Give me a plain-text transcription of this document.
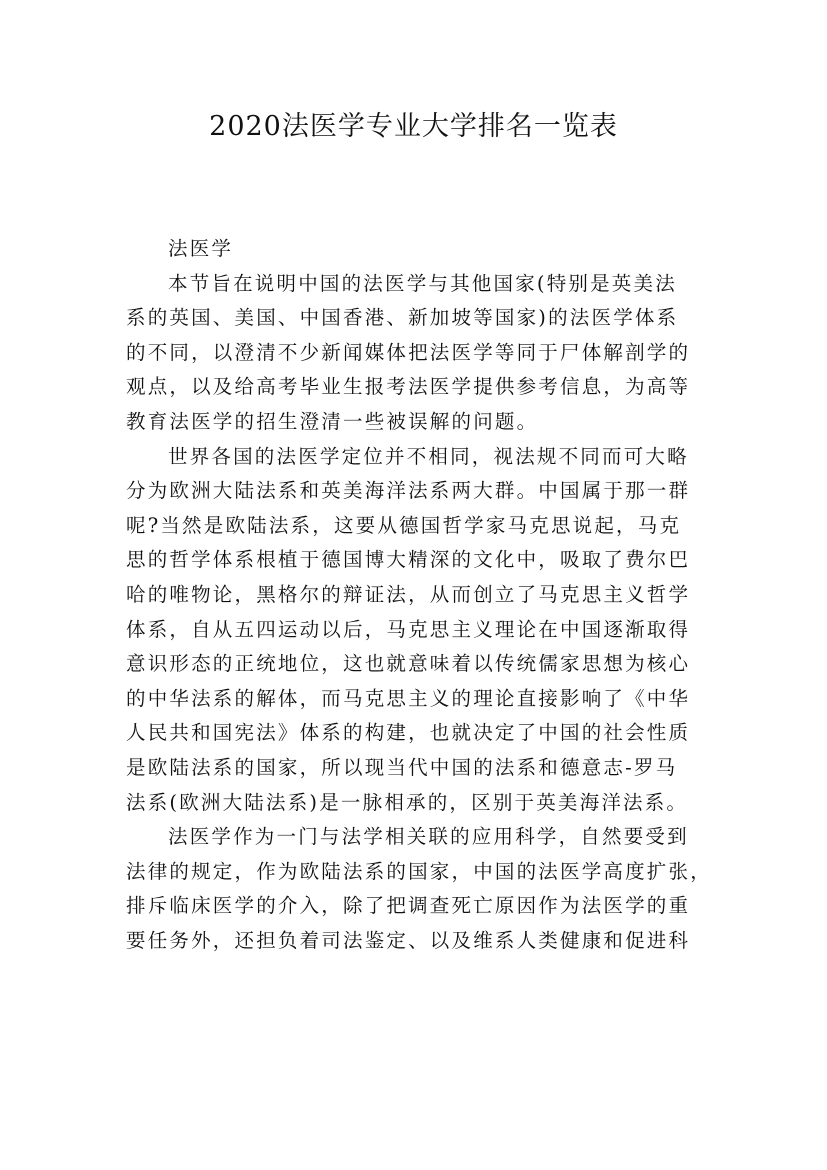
2020法医学专业大学排名一览表
法医学
本节旨在说明中国的法医学与其他国家(特别是英美法
系的英国、美国、中国香港、新加坡等国家)的法医学体系
的不同，以澄清不少新闻媒体把法医学等同于尸体解剖学的
观点，以及给高考毕业生报考法医学提供参考信息，为高等
教育法医学的招生澄清一些被误解的问题。
世界各国的法医学定位并不相同，视法规不同而可大略
分为欧洲大陆法系和英美海洋法系两大群。中国属于那一群
呢?当然是欧陆法系，这要从德国哲学家马克思说起，马克
思的哲学体系根植于德国博大精深的文化中，吸取了费尔巴
哈的唯物论，黑格尔的辩证法，从而创立了马克思主义哲学
体系，自从五四运动以后，马克思主义理论在中国逐渐取得
意识形态的正统地位，这也就意味着以传统儒家思想为核心
的中华法系的解体，而马克思主义的理论直接影响了《中华
人民共和国宪法》体系的构建，也就决定了中国的社会性质
是欧陆法系的国家，所以现当代中国的法系和德意志-罗马
法系(欧洲大陆法系)是一脉相承的，区别于英美海洋法系。
法医学作为一门与法学相关联的应用科学，自然要受到
法律的规定，作为欧陆法系的国家，中国的法医学高度扩张，
排斥临床医学的介入，除了把调查死亡原因作为法医学的重
要任务外，还担负着司法鉴定、以及维系人类健康和促进科
